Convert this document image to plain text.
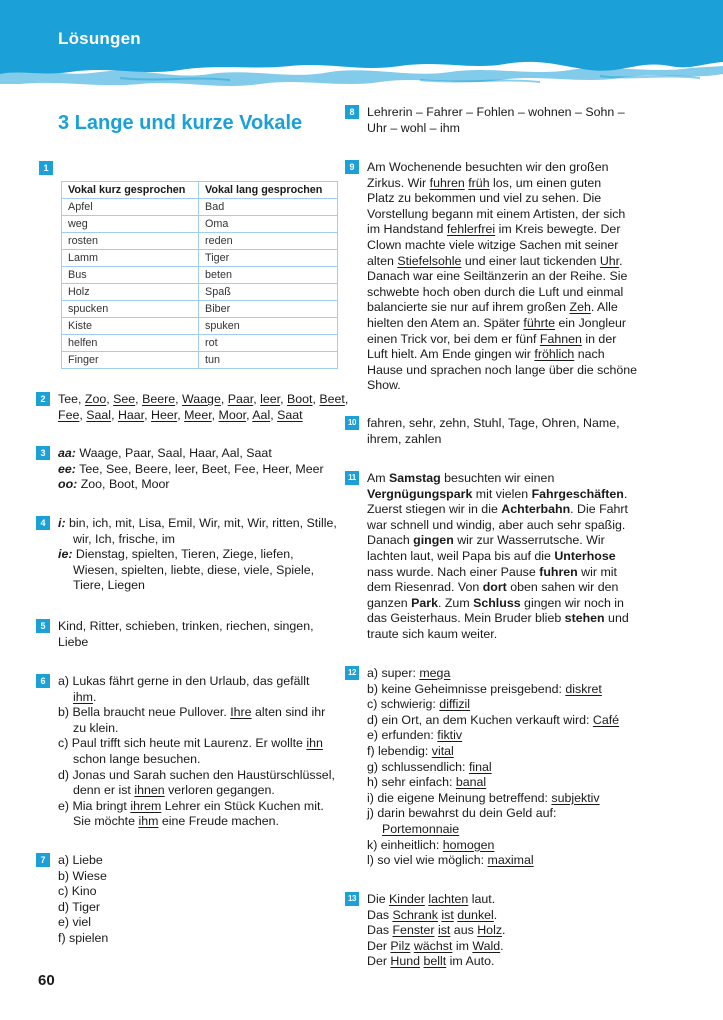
Lösungen
3 Lange und kurze Vokale
1
Vokal kurz gesprochen	Vokal lang gesprochen
Apfel	Bad
weg	Oma
rosten	reden
Lamm	Tiger
Bus	beten
Holz	Spaß
spucken	Biber
Kiste	spuken
helfen	rot
Finger	tun
2	Tee, Zoo, See, Beere, Waage, Paar, leer, Boot, Beet,
Fee, Saal, Haar, Heer, Meer, Moor, Aal, Saat
3	aa: Waage, Paar, Saal, Haar, Aal, Saat
ee: Tee, See, Beere, leer, Beet, Fee, Heer, Meer
oo: Zoo, Boot, Moor
4	i: bin, ich, mit, Lisa, Emil, Wir, mit, Wir, ritten, Stille,
wir, Ich, frische, im
ie: Dienstag, spielten, Tieren, Ziege, liefen,
Wiesen, spielten, liebte, diese, viele, Spiele,
Tiere, Liegen
5	Kind, Ritter, schieben, trinken, riechen, singen,
Liebe
6	a) Lukas fährt gerne in den Urlaub, das gefällt
ihm.
b) Bella braucht neue Pullover. Ihre alten sind ihr
zu klein.
c) Paul trifft sich heute mit Laurenz. Er wollte ihn
schon lange besuchen.
d) Jonas und Sarah suchen den Haustürschlüssel,
denn er ist ihnen verloren gegangen.
e) Mia bringt ihrem Lehrer ein Stück Kuchen mit.
Sie möchte ihm eine Freude machen.
7	a) Liebe
b) Wiese
c) Kino
d) Tiger
e) viel
f) spielen
8	Lehrerin – Fahrer – Fohlen – wohnen – Sohn –
Uhr – wohl – ihm
9	Am Wochenende besuchten wir den großen
Zirkus. Wir fuhren früh los, um einen guten
Platz zu bekommen und viel zu sehen. Die
Vorstellung begann mit einem Artisten, der sich
im Handstand fehlerfrei im Kreis bewegte. Der
Clown machte viele witzige Sachen mit seiner
alten Stiefelsohle und einer laut tickenden Uhr.
Danach war eine Seiltänzerin an der Reihe. Sie
schwebte hoch oben durch die Luft und einmal
balancierte sie nur auf ihrem großen Zeh. Alle
hielten den Atem an. Später führte ein Jongleur
einen Trick vor, bei dem er fünf Fahnen in der
Luft hielt. Am Ende gingen wir fröhlich nach
Hause und sprachen noch lange über die schöne
Show.
10 fahren, sehr, zehn, Stuhl, Tage, Ohren, Name,
ihrem, zahlen
11 Am Samstag besuchten wir einen
Vergnügungspark mit vielen Fahrgeschäften.
Zuerst stiegen wir in die Achterbahn. Die Fahrt
war schnell und windig, aber auch sehr spaßig.
Danach gingen wir zur Wasserrutsche. Wir
lachten laut, weil Papa bis auf die Unterhose
nass wurde. Nach einer Pause fuhren wir mit
dem Riesenrad. Von dort oben sahen wir den
ganzen Park. Zum Schluss gingen wir noch in
das Geisterhaus. Mein Bruder blieb stehen und
traute sich kaum weiter.
12 a) super: mega
b) keine Geheimnisse preisgebend: diskret
c) schwierig: diffizil
d) ein Ort, an dem Kuchen verkauft wird: Café
e) erfunden: fiktiv
f) lebendig: vital
g) schlussendlich: final
h) sehr einfach: banal
i) die eigene Meinung betreffend: subjektiv
j) darin bewahrst du dein Geld auf:
Portemonnaie
k) einheitlich: homogen
l) so viel wie möglich: maximal
13 Die Kinder lachten laut.
Das Schrank ist dunkel.
Das Fenster ist aus Holz.
Der Pilz wächst im Wald.
Der Hund bellt im Auto.
60
